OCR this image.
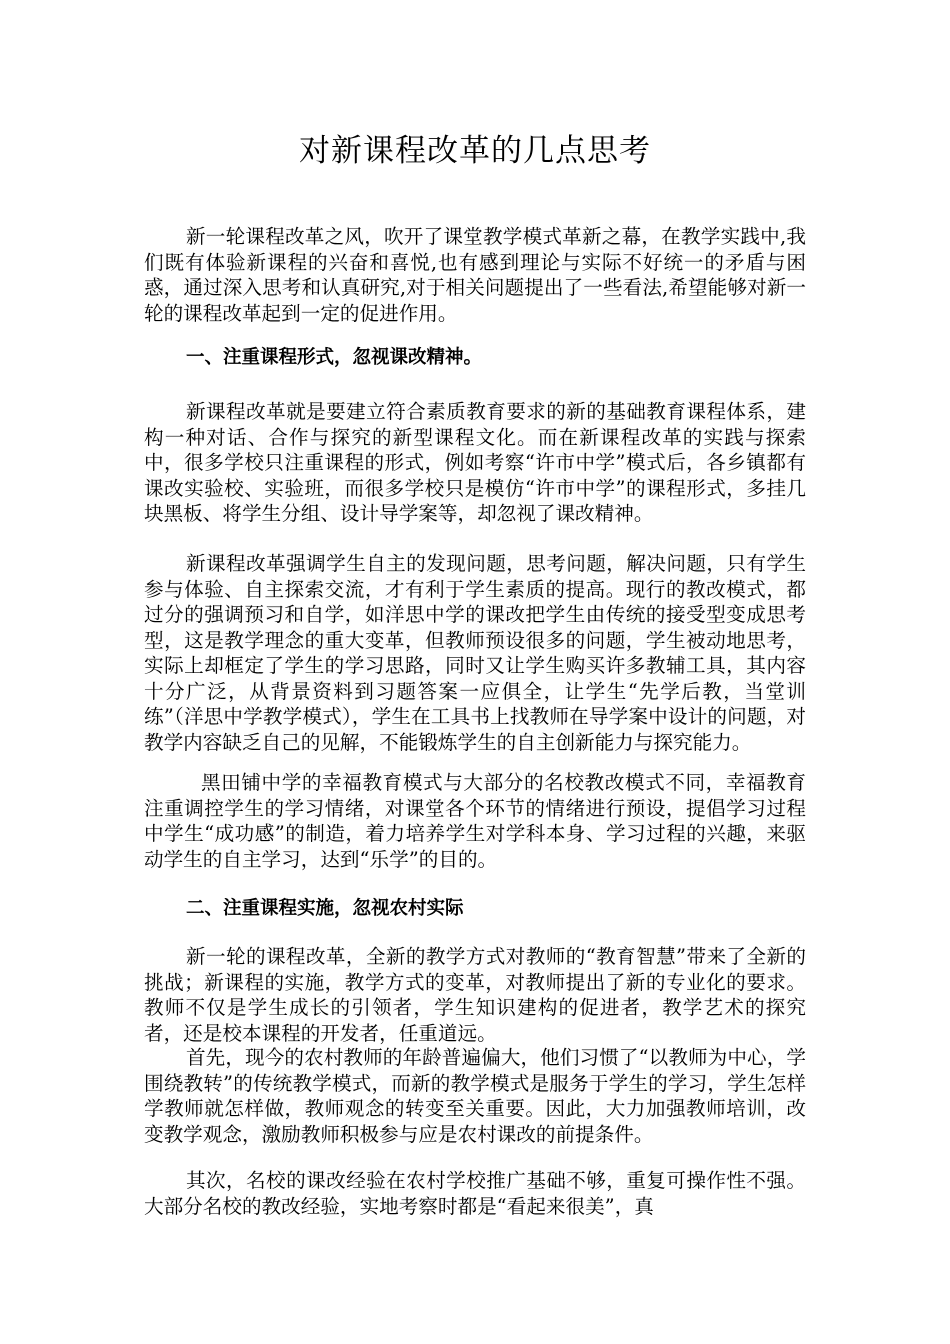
对新课程改革的几点思考

新一轮课程改革之风，吹开了课堂教学模式革新之幕，在教学实践中,我们既有体验新课程的兴奋和喜悦,也有感到理论与实际不好统一的矛盾与困惑，通过深入思考和认真研究,对于相关问题提出了一些看法,希望能够对新一轮的课程改革起到一定的促进作用。

一、注重课程形式，忽视课改精神。

新课程改革就是要建立符合素质教育要求的新的基础教育课程体系，建构一种对话、合作与探究的新型课程文化。而在新课程改革的实践与探索中，很多学校只注重课程的形式，例如考察“许市中学”模式后，各乡镇都有课改实验校、实验班，而很多学校只是模仿“许市中学”的课程形式，多挂几块黑板、将学生分组、设计导学案等，却忽视了课改精神。

新课程改革强调学生自主的发现问题，思考问题，解决问题，只有学生参与体验、自主探索交流，才有利于学生素质的提高。现行的教改模式，都过分的强调预习和自学，如洋思中学的课改把学生由传统的接受型变成思考型，这是教学理念的重大变革，但教师预设很多的问题，学生被动地思考，实际上却框定了学生的学习思路，同时又让学生购买许多教辅工具，其内容十分广泛，从背景资料到习题答案一应俱全，让学生“先学后教，当堂训练”（洋思中学教学模式），学生在工具书上找教师在导学案中设计的问题，对教学内容缺乏自己的见解，不能锻炼学生的自主创新能力与探究能力。

黑田铺中学的幸福教育模式与大部分的名校教改模式不同，幸福教育注重调控学生的学习情绪，对课堂各个环节的情绪进行预设，提倡学习过程中学生“成功感”的制造，着力培养学生对学科本身、学习过程的兴趣，来驱动学生的自主学习，达到“乐学”的目的。

二、注重课程实施，忽视农村实际

新一轮的课程改革，全新的教学方式对教师的“教育智慧”带来了全新的挑战；新课程的实施，教学方式的变革，对教师提出了新的专业化的要求。教师不仅是学生成长的引领者，学生知识建构的促进者，教学艺术的探究者，还是校本课程的开发者，任重道远。

首先，现今的农村教师的年龄普遍偏大，他们习惯了“以教师为中心，学围绕教转”的传统教学模式，而新的教学模式是服务于学生的学习，学生怎样学教师就怎样做，教师观念的转变至关重要。因此，大力加强教师培训，改变教学观念，激励教师积极参与应是农村课改的前提条件。

其次，名校的课改经验在农村学校推广基础不够，重复可操作性不强。大部分名校的教改经验，实地考察时都是“看起来很美”，真
